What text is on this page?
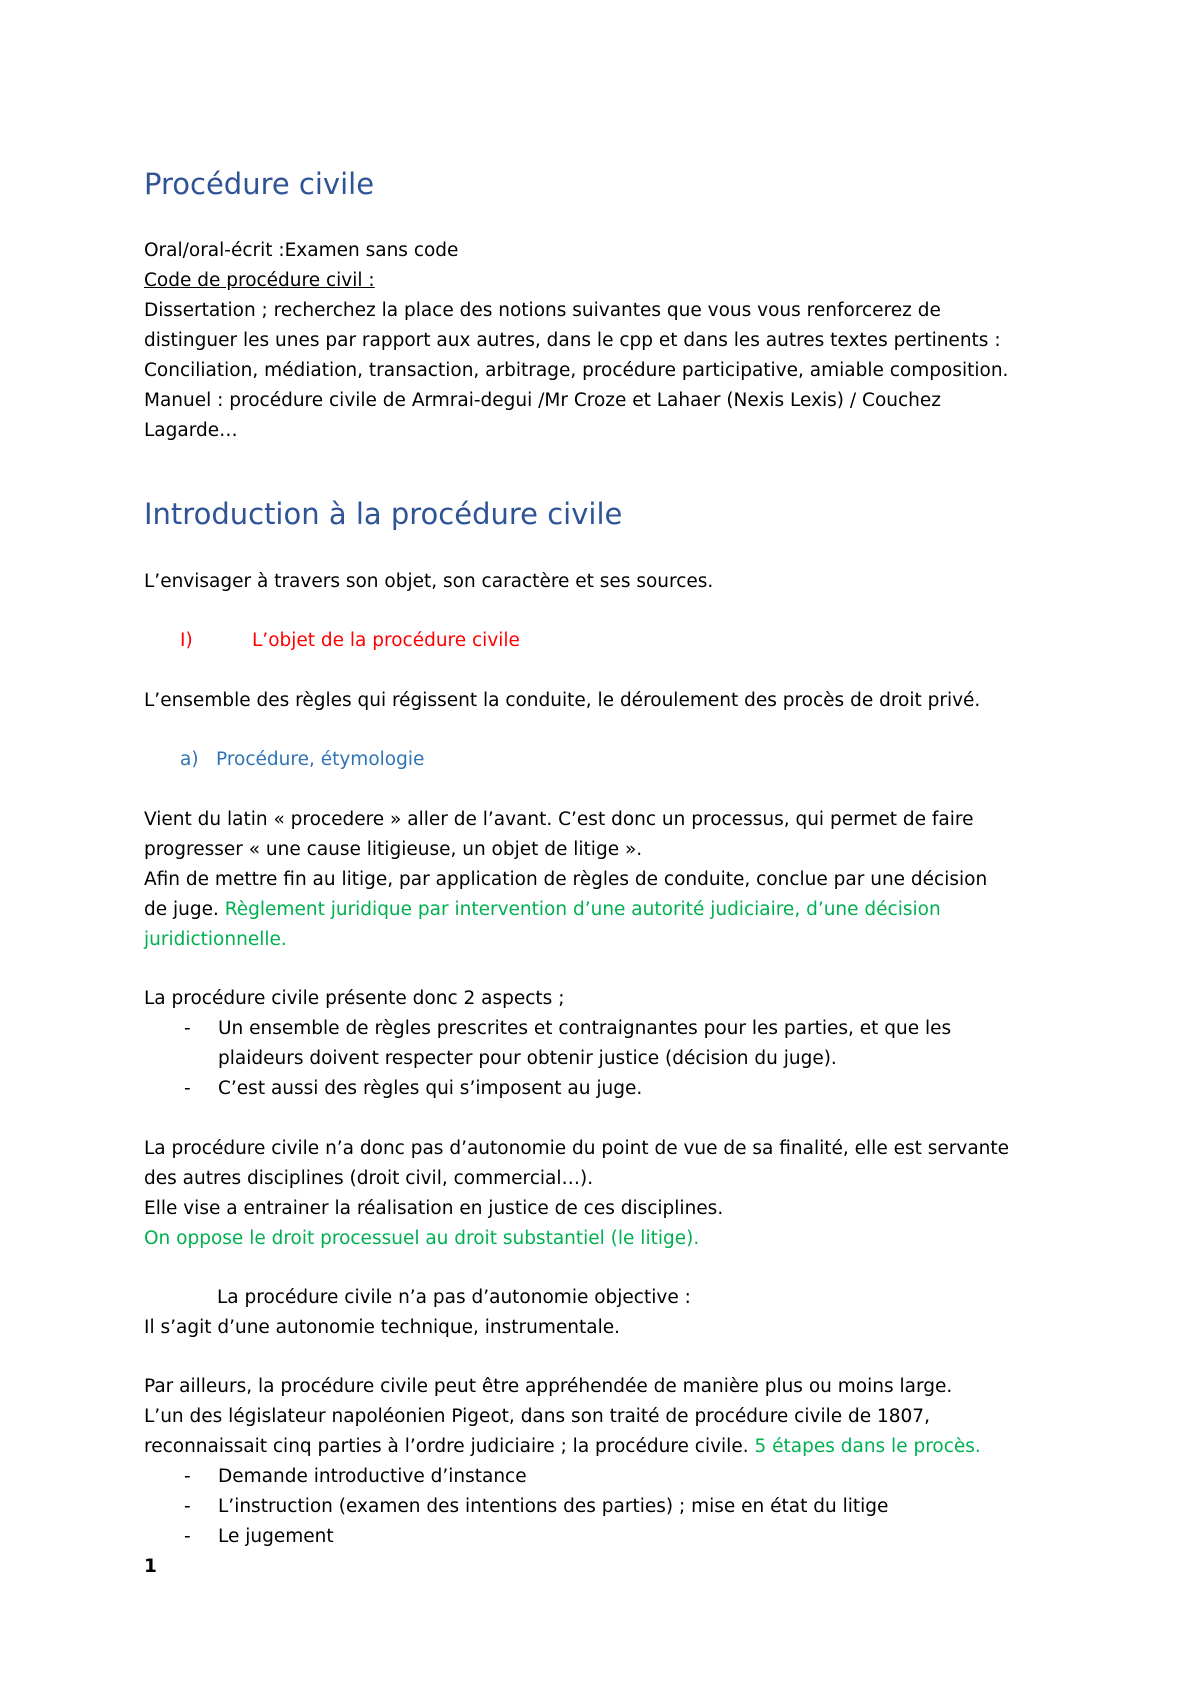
Procédure civile
Oral/oral-écrit :Examen sans code
Code de procédure civil :
Dissertation ; recherchez la place des notions suivantes que vous vous renforcerez de
distinguer les unes par rapport aux autres, dans le cpp et dans les autres textes pertinents :
Conciliation, médiation, transaction, arbitrage, procédure participative, amiable composition.
Manuel : procédure civile de Armrai-degui /Mr Croze et Lahaer (Nexis Lexis) / Couchez
Lagarde…
Introduction à la procédure civile
L’envisager à travers son objet, son caractère et ses sources.
I)	L’objet de la procédure civile
L’ensemble des règles qui régissent la conduite, le déroulement des procès de droit privé.
a) Procédure, étymologie
Vient du latin « procedere » aller de l’avant. C’est donc un processus, qui permet de faire
progresser « une cause litigieuse, un objet de litige ».
Afin de mettre fin au litige, par application de règles de conduite, conclue par une décision
de juge. Règlement juridique par intervention d’une autorité judiciaire, d’une décision
juridictionnelle.
La procédure civile présente donc 2 aspects ;
- Un ensemble de règles prescrites et contraignantes pour les parties, et que les
plaideurs doivent respecter pour obtenir justice (décision du juge).
- C’est aussi des règles qui s’imposent au juge.
La procédure civile n’a donc pas d’autonomie du point de vue de sa finalité, elle est servante
des autres disciplines (droit civil, commercial…).
Elle vise a entrainer la réalisation en justice de ces disciplines.
On oppose le droit processuel au droit substantiel (le litige).
La procédure civile n’a pas d’autonomie objective :
Il s’agit d’une autonomie technique, instrumentale.
Par ailleurs, la procédure civile peut être appréhendée de manière plus ou moins large.
L’un des législateur napoléonien Pigeot, dans son traité de procédure civile de 1807,
reconnaissait cinq parties à l’ordre judiciaire ; la procédure civile. 5 étapes dans le procès.
- Demande introductive d’instance
- L’instruction (examen des intentions des parties) ; mise en état du litige
- Le jugement
1
